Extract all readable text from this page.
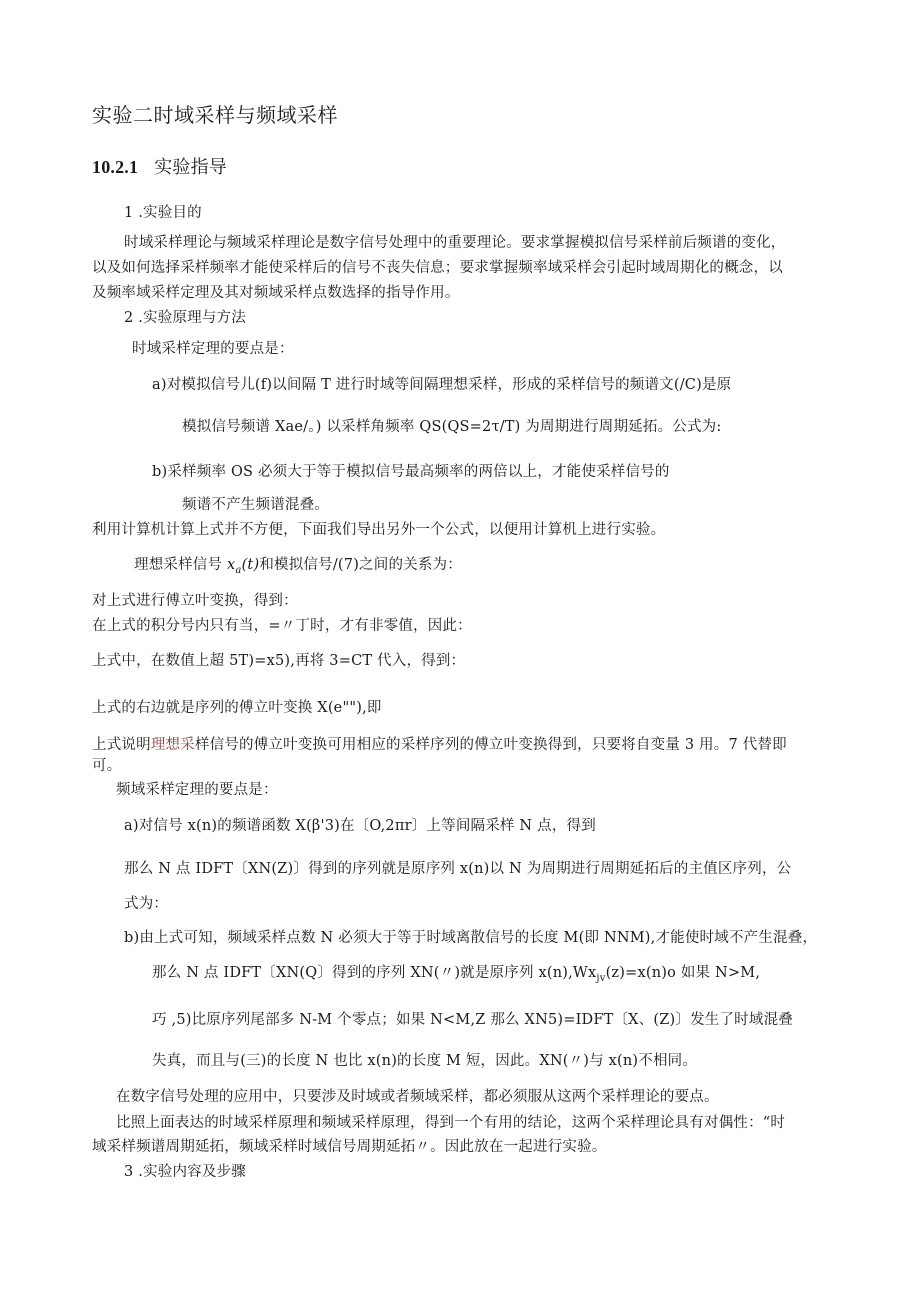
实验二时域采样与频域采样
10.2.1 实验指导
1 .实验目的
时域采样理论与频域采样理论是数字信号处理中的重要理论。要求掌握模拟信号采样前后频谱的变化，
以及如何选择采样频率才能使采样后的信号不丧失信息；要求掌握频率域采样会引起时域周期化的概念，以
及频率域采样定理及其对频域采样点数选择的指导作用。
2 .实验原理与方法
时域采样定理的要点是：
a)对模拟信号儿(f)以间隔 T 进行时域等间隔理想采样，形成的采样信号的频谱文(/C)是原
模拟信号频谱 Xae/。) 以采样角频率 QS(QS=2τ/T) 为周期进行周期延拓。公式为:
b)采样频率 OS 必须大于等于模拟信号最高频率的两倍以上，才能使采样信号的
频谱不产生频谱混叠。
利用计算机计算上式并不方便，下面我们导出另外一个公式，以便用计算机上进行实验。
理想采样信号 $x_a(t)$和模拟信号/(7)之间的关系为：
对上式进行傅立叶变换，得到：
在上式的积分号内只有当，=〃丁时，才有非零值，因此：
上式中，在数值上超 5T)=x5),再将 3=CT 代入，得到：
上式的右边就是序列的傅立叶变换 X(e""),即
上式说明理想采样信号的傅立叶变换可用相应的采样序列的傅立叶变换得到，只要将自变量 3 用。7 代替即
可。
频域采样定理的要点是：
a)对信号 x(n)的频谱函数 X(β'3)在〔O,2πr〕上等间隔采样 N 点，得到
那么 N 点 IDFT〔XN(Z)〕得到的序列就是原序列 x(n)以 N 为周期进行周期延拓后的主值区序列，公
式为：
b)由上式可知，频域采样点数 N 必须大于等于时域离散信号的长度 M(即 NNM),才能使时域不产生混叠，
那么 N 点 IDFT〔XN(Q〕得到的序列 XN(〃)就是原序列 $x(n),Wx_{jv}(z)=x(n)o$ 如果 N>M,
巧 ,5)比原序列尾部多 N-M 个零点；如果 N<M,Z 那么 XN5)=IDFT〔X、(Z)〕发生了时域混叠
失真，而且与(三)的长度 N 也比 x(n)的长度 M 短，因此。XN(〃)与 x(n)不相同。
在数字信号处理的应用中，只要涉及时域或者频域采样，都必须服从这两个采样理论的要点。
比照上面表达的时域采样原理和频域采样原理，得到一个有用的结论，这两个采样理论具有对偶性：“时
域采样频谱周期延拓，频域采样时域信号周期延拓〃。因此放在一起进行实验。
3 .实验内容及步骤
